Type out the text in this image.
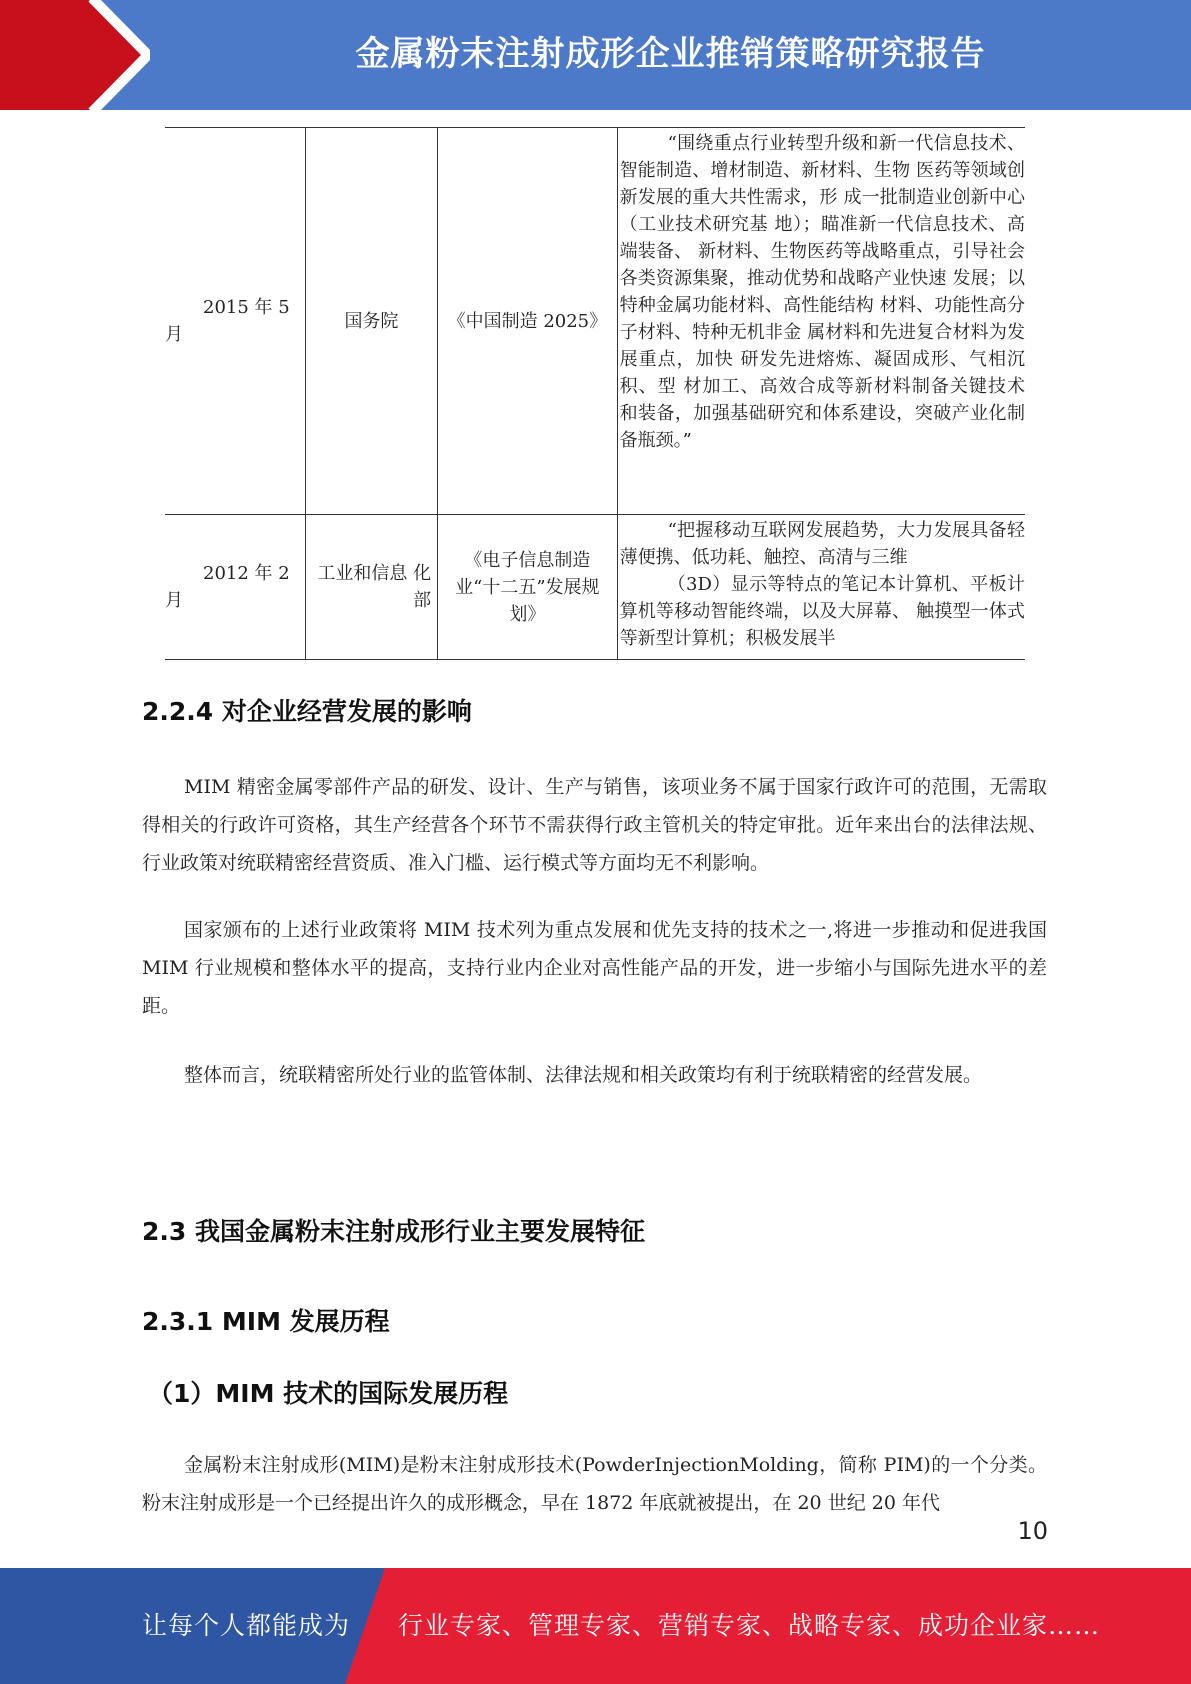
金属粉末注射成形企业推销策略研究报告
2015 年 5 月	国务院	《中国制造 2025》	“围绕重点行业转型升级和新一代信息技术、智能制造、增材制造、新材料、生物 医药等领域创新发展的重大共性需求，形 成一批制造业创新中心（工业技术研究基 地）；瞄准新一代信息技术、高端装备、 新材料、生物医药等战略重点，引导社会 各类资源集聚，推动优势和战略产业快速 发展；以特种金属功能材料、高性能结构 材料、功能性高分子材料、特种无机非金 属材料和先进复合材料为发展重点，加快 研发先进熔炼、凝固成形、气相沉积、型 材加工、高效合成等新材料制备关键技术 和装备，加强基础研究和体系建设，突破产业化制备瓶颈。”
2012 年 2 月	工业和信息 化部	《电子信息制造 业“十二五”发展规划》	“把握移动互联网发展趋势，大力发展具备轻薄便携、低功耗、触控、高清与三维
（3D）显示等特点的笔记本计算机、平板计算机等移动智能终端，以及大屏幕、 触摸型一体式等新型计算机；积极发展半
2.2.4 对企业经营发展的影响

MIM 精密金属零部件产品的研发、设计、生产与销售，该项业务不属于国家行政许可的范围，无需取得相关的行政许可资格，其生产经营各个环节不需获得行政主管机关的特定审批。近年来出台的法律法规、行业政策对统联精密经营资质、准入门槛、运行模式等方面均无不利影响。

国家颁布的上述行业政策将 MIM 技术列为重点发展和优先支持的技术之一,将进一步推动和促进我国 MIM 行业规模和整体水平的提高，支持行业内企业对高性能产品的开发，进一步缩小与国际先进水平的差距。

整体而言，统联精密所处行业的监管体制、法律法规和相关政策均有利于统联精密的经营发展。

2.3 我国金属粉末注射成形行业主要发展特征
2.3.1 MIM 发展历程
（1）MIM 技术的国际发展历程

金属粉末注射成形(MIM)是粉末注射成形技术(PowderInjectionMolding，简称 PIM)的一个分类。粉末注射成形是一个已经提出许久的成形概念，早在 1872 年底就被提出，在 20 世纪 20 年代

10
让每个人都能成为 行业专家、管理专家、营销专家、战略专家、成功企业家……
